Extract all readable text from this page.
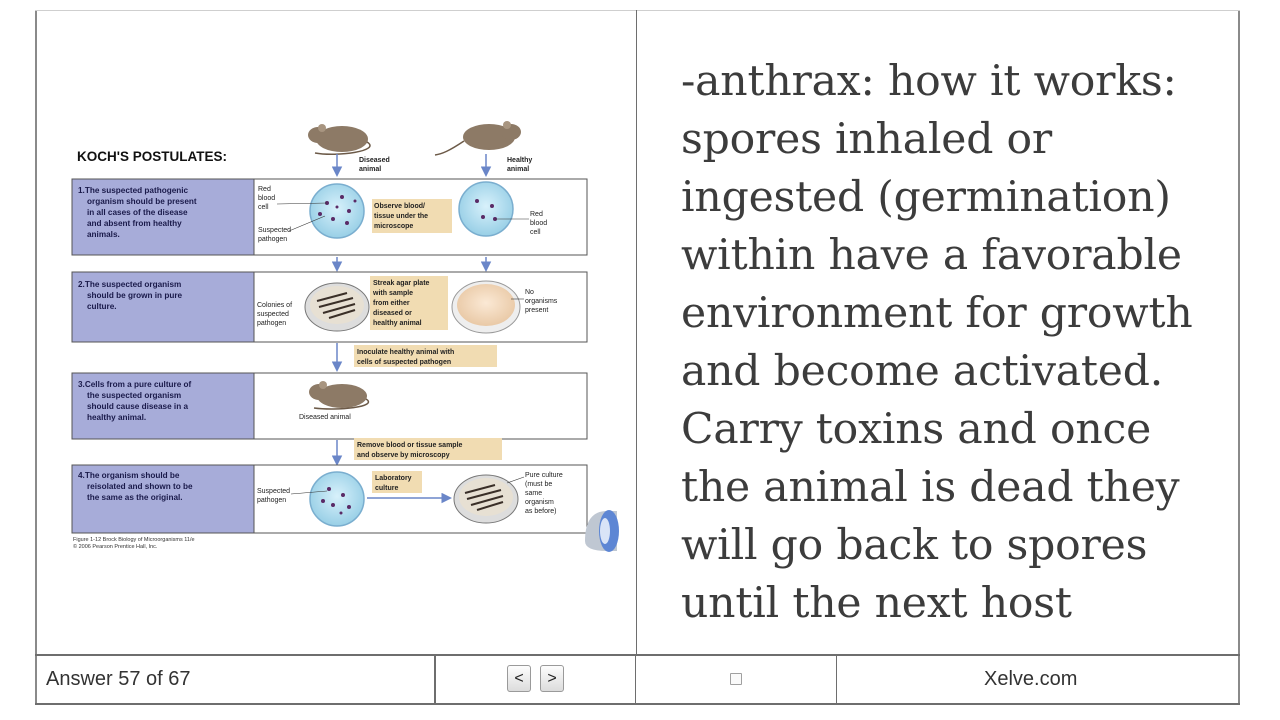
KOCH'S POSTULATES:	Diseased animal
Healthy animal
1.The suspected pathogenic organism should be present in all cases of the disease and absent from healthy animals.
Red blood cell
Suspected pathogen
Observe blood/ tissue under the microscope
Red blood cell
2.The suspected organism should be grown in pure culture.	Colonies of suspected pathogen
Streak agar plate with sample from either diseased or healthy animal
No organisms present
Inoculate healthy animal with cells of suspected pathogen
3.Cells from a pure culture of the suspected organism should cause disease in a healthy animal.	Diseased animal
Remove blood or tissue sample and observe by microscopy
4.The organism should be reisolated and shown to be the same as the original.
Suspected pathogen
Laboratory culture
Pure culture (must be same organism as before)
Figure 1-12 Brock Biology of Microorganisms 11/e © 2006 Pearson Prentice Hall, Inc.

-anthrax: how it works:
spores inhaled or
ingested (germination)
within have a favorable
environment for growth
and become activated.
Carry toxins and once
the animal is dead they
will go back to spores
until the next host

Answer 57 of 67	<	>	Xelve.com
